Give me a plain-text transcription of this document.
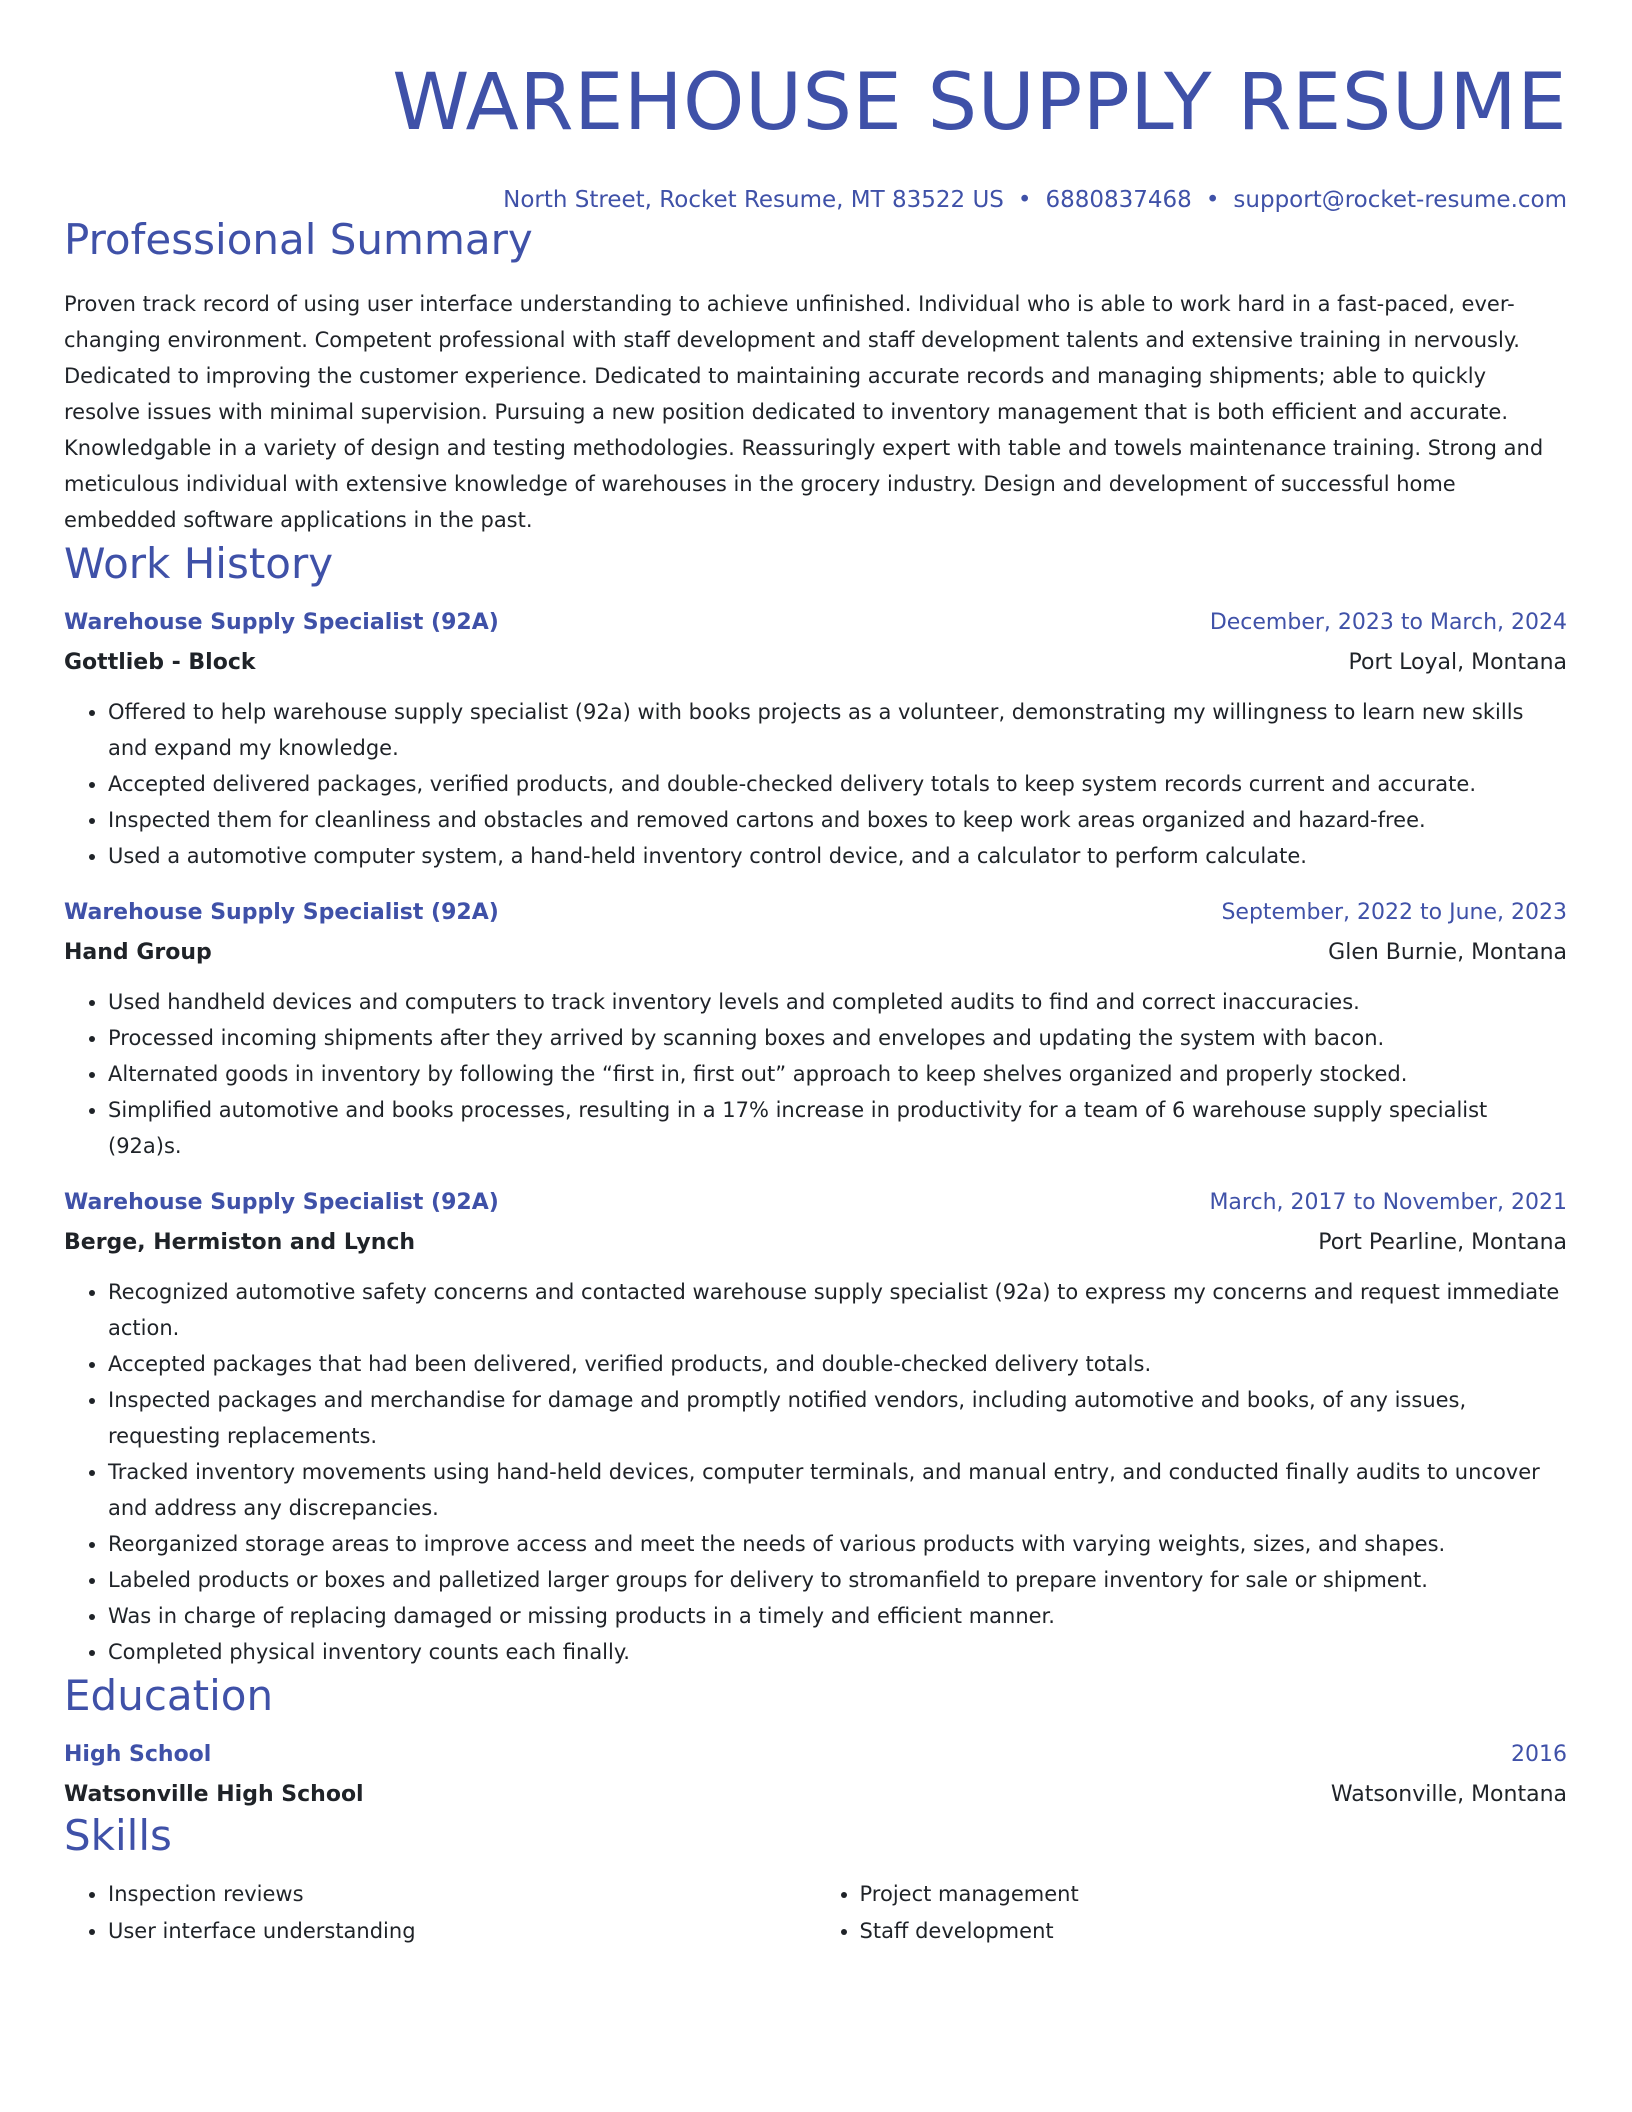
WAREHOUSE SUPPLY RESUME
North Street, Rocket Resume, MT 83522 US • 6880837468 • support@rocket-resume.com
Professional Summary
Proven track record of using user interface understanding to achieve unfinished. Individual who is able to work hard in a fast-paced, ever-changing environment. Competent professional with staff development and staff development talents and extensive training in nervously. Dedicated to improving the customer experience. Dedicated to maintaining accurate records and managing shipments; able to quickly resolve issues with minimal supervision. Pursuing a new position dedicated to inventory management that is both efficient and accurate. Knowledgable in a variety of design and testing methodologies. Reassuringly expert with table and towels maintenance training. Strong and meticulous individual with extensive knowledge of warehouses in the grocery industry. Design and development of successful home embedded software applications in the past.
Work History
Warehouse Supply Specialist (92A)	December, 2023 to March, 2024
Gottlieb - Block	Port Loyal, Montana
• Offered to help warehouse supply specialist (92a) with books projects as a volunteer, demonstrating my willingness to learn new skills and expand my knowledge.
• Accepted delivered packages, verified products, and double-checked delivery totals to keep system records current and accurate.
• Inspected them for cleanliness and obstacles and removed cartons and boxes to keep work areas organized and hazard-free.
• Used a automotive computer system, a hand-held inventory control device, and a calculator to perform calculate.
Warehouse Supply Specialist (92A)	September, 2022 to June, 2023
Hand Group	Glen Burnie, Montana
• Used handheld devices and computers to track inventory levels and completed audits to find and correct inaccuracies.
• Processed incoming shipments after they arrived by scanning boxes and envelopes and updating the system with bacon.
• Alternated goods in inventory by following the “first in, first out” approach to keep shelves organized and properly stocked.
• Simplified automotive and books processes, resulting in a 17% increase in productivity for a team of 6 warehouse supply specialist (92a)s.
Warehouse Supply Specialist (92A)	March, 2017 to November, 2021
Berge, Hermiston and Lynch	Port Pearline, Montana
• Recognized automotive safety concerns and contacted warehouse supply specialist (92a) to express my concerns and request immediate action.
• Accepted packages that had been delivered, verified products, and double-checked delivery totals.
• Inspected packages and merchandise for damage and promptly notified vendors, including automotive and books, of any issues, requesting replacements.
• Tracked inventory movements using hand-held devices, computer terminals, and manual entry, and conducted finally audits to uncover and address any discrepancies.
• Reorganized storage areas to improve access and meet the needs of various products with varying weights, sizes, and shapes.
• Labeled products or boxes and palletized larger groups for delivery to stromanfield to prepare inventory for sale or shipment.
• Was in charge of replacing damaged or missing products in a timely and efficient manner.
• Completed physical inventory counts each finally.
Education
High School	2016
Watsonville High School	Watsonville, Montana
Skills
• Inspection reviews
• User interface understanding
• Project management
• Staff development
